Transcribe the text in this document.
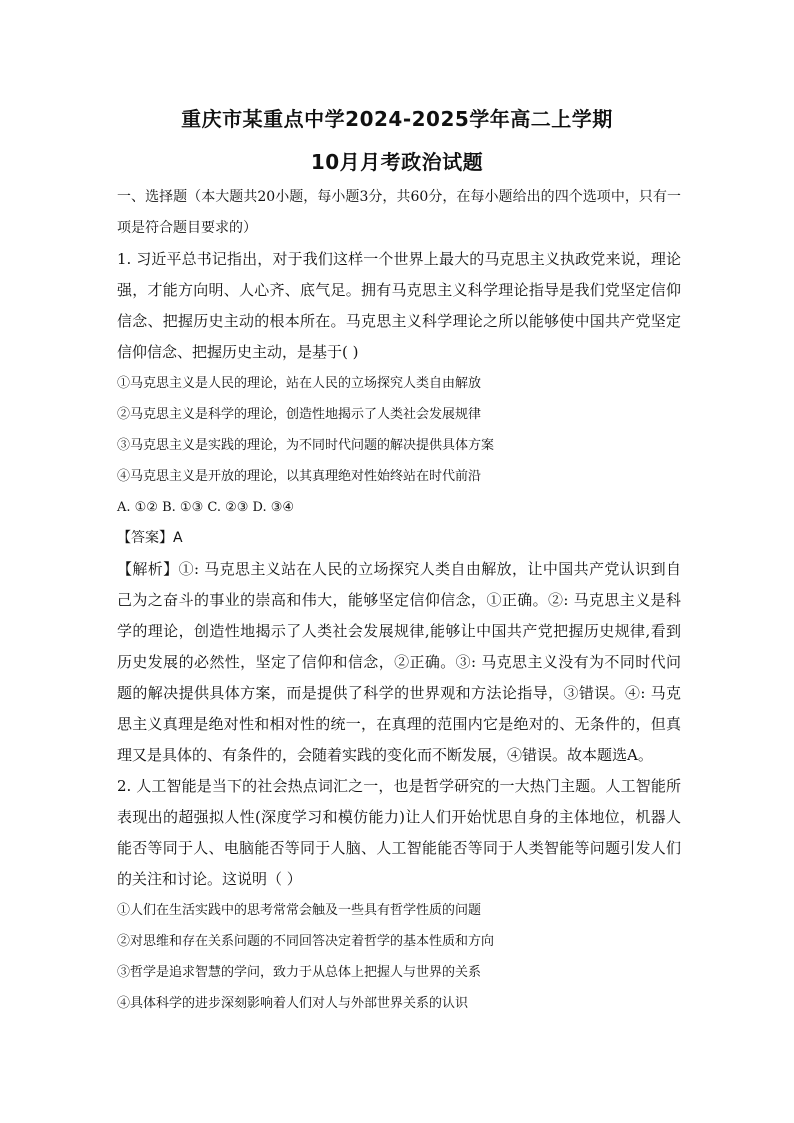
重庆市某重点中学2024-2025学年高二上学期
10月月考政治试题

一、选择题（本大题共20小题，每小题3分，共60分，在每小题给出的四个选项中，只有一项是符合题目要求的）

1. 习近平总书记指出，对于我们这样一个世界上最大的马克思主义执政党来说，理论强，才能方向明、人心齐、底气足。拥有马克思主义科学理论指导是我们党坚定信仰信念、把握历史主动的根本所在。马克思主义科学理论之所以能够使中国共产党坚定信仰信念、把握历史主动，是基于( )

①马克思主义是人民的理论，站在人民的立场探究人类自由解放

②马克思主义是科学的理论，创造性地揭示了人类社会发展规律

③马克思主义是实践的理论，为不同时代问题的解决提供具体方案

④马克思主义是开放的理论，以其真理绝对性始终站在时代前沿

A. ①② B. ①③ C. ②③ D. ③④

【答案】A

【解析】①: 马克思主义站在人民的立场探究人类自由解放，让中国共产党认识到自己为之奋斗的事业的崇高和伟大，能够坚定信仰信念，①正确。②: 马克思主义是科学的理论，创造性地揭示了人类社会发展规律,能够让中国共产党把握历史规律,看到历史发展的必然性，坚定了信仰和信念，②正确。③: 马克思主义没有为不同时代问题的解决提供具体方案，而是提供了科学的世界观和方法论指导，③错误。④: 马克思主义真理是绝对性和相对性的统一，在真理的范围内它是绝对的、无条件的，但真理又是具体的、有条件的，会随着实践的变化而不断发展，④错误。故本题选A。

2. 人工智能是当下的社会热点词汇之一，也是哲学研究的一大热门主题。人工智能所表现出的超强拟人性(深度学习和模仿能力)让人们开始忧思自身的主体地位，机器人能否等同于人、电脑能否等同于人脑、人工智能能否等同于人类智能等问题引发人们的关注和讨论。这说明（ ）

①人们在生活实践中的思考常常会触及一些具有哲学性质的问题

②对思维和存在关系问题的不同回答决定着哲学的基本性质和方向

③哲学是追求智慧的学问，致力于从总体上把握人与世界的关系

④具体科学的进步深刻影响着人们对人与外部世界关系的认识
